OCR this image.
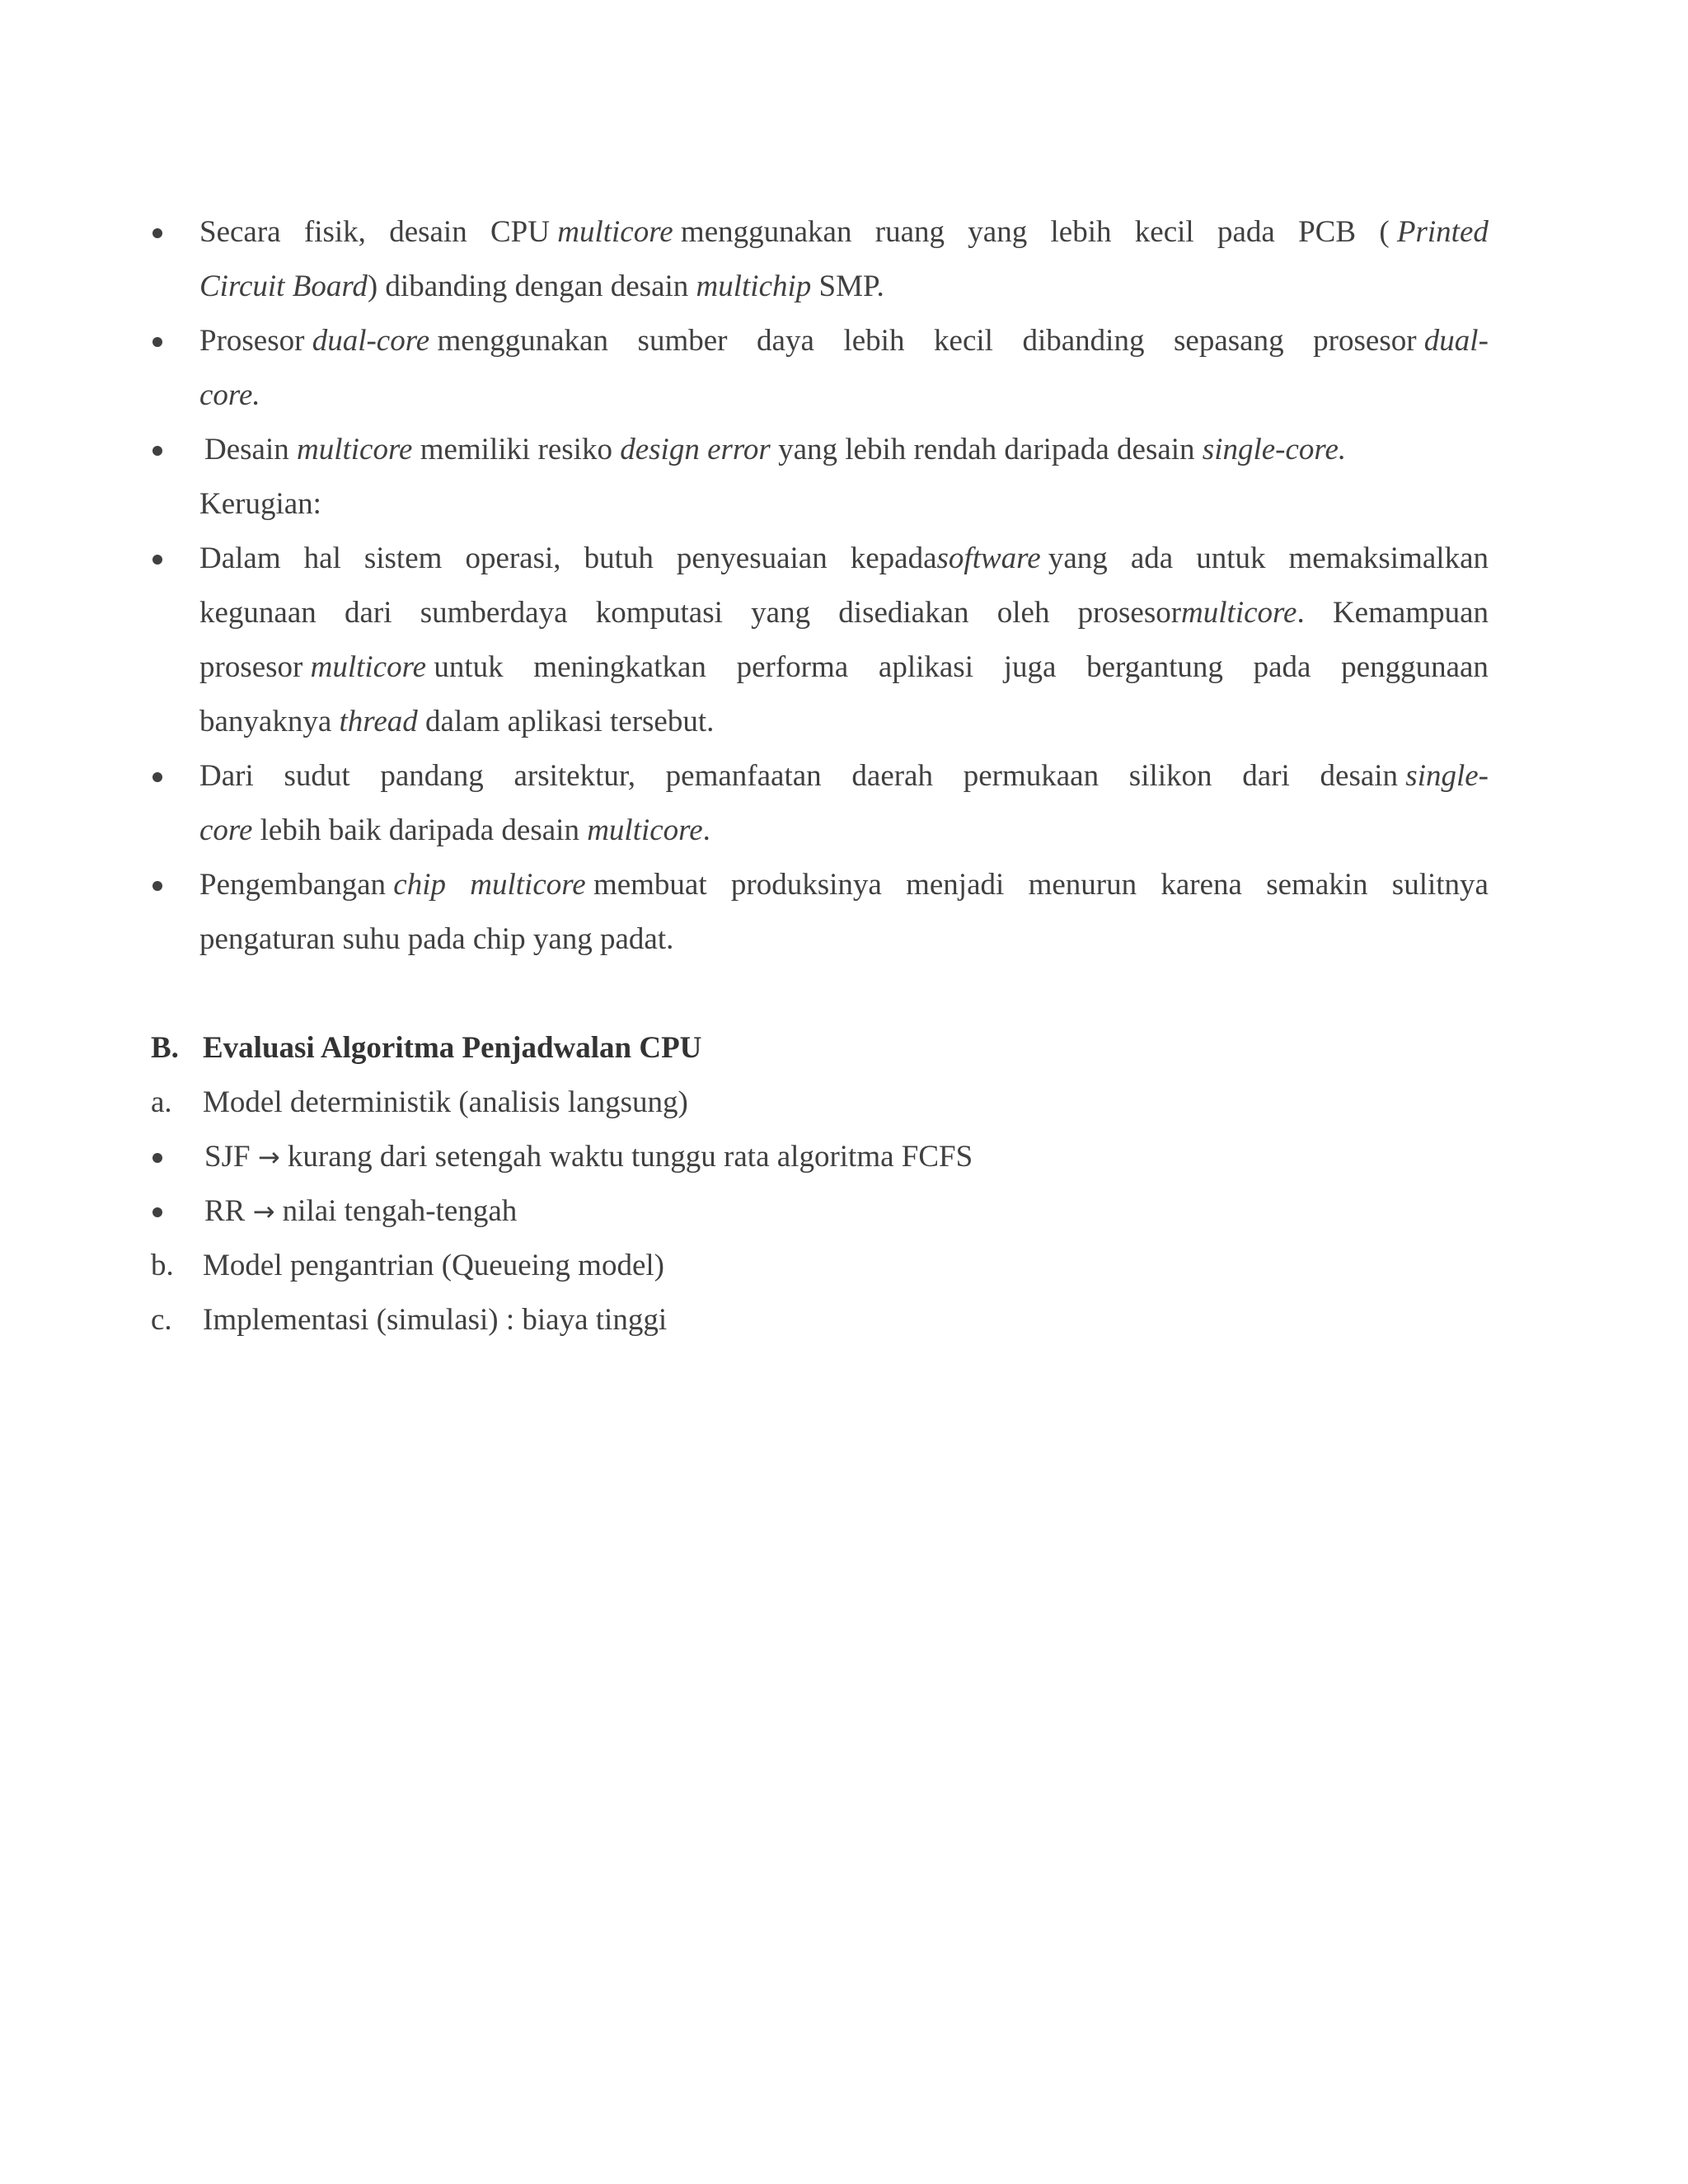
Secara fisik, desain CPU multicore menggunakan ruang yang lebih kecil pada PCB ( Printed
Circuit Board) dibanding dengan desain multichip SMP.
Prosesor dual-core menggunakan sumber daya lebih kecil dibanding sepasang prosesor dual-
core.
Desain multicore memiliki resiko design error yang lebih rendah daripada desain single-core.
Kerugian:
Dalam hal sistem operasi, butuh penyesuaian kepadasoftware yang ada untuk memaksimalkan
kegunaan dari sumberdaya komputasi yang disediakan oleh prosesormulticore. Kemampuan
prosesor multicore untuk meningkatkan performa aplikasi juga bergantung pada penggunaan
banyaknya thread dalam aplikasi tersebut.
Dari sudut pandang arsitektur, pemanfaatan daerah permukaan silikon dari desain single-
core lebih baik daripada desain multicore.
Pengembangan chip multicore membuat produksinya menjadi menurun karena semakin sulitnya
pengaturan suhu pada chip yang padat.
B. Evaluasi Algoritma Penjadwalan CPU
a.	Model deterministik (analisis langsung)
SJF → kurang dari setengah waktu tunggu rata algoritma FCFS
RR → nilai tengah-tengah
b. Model pengantrian (Queueing model)
c.	Implementasi (simulasi) : biaya tinggi
